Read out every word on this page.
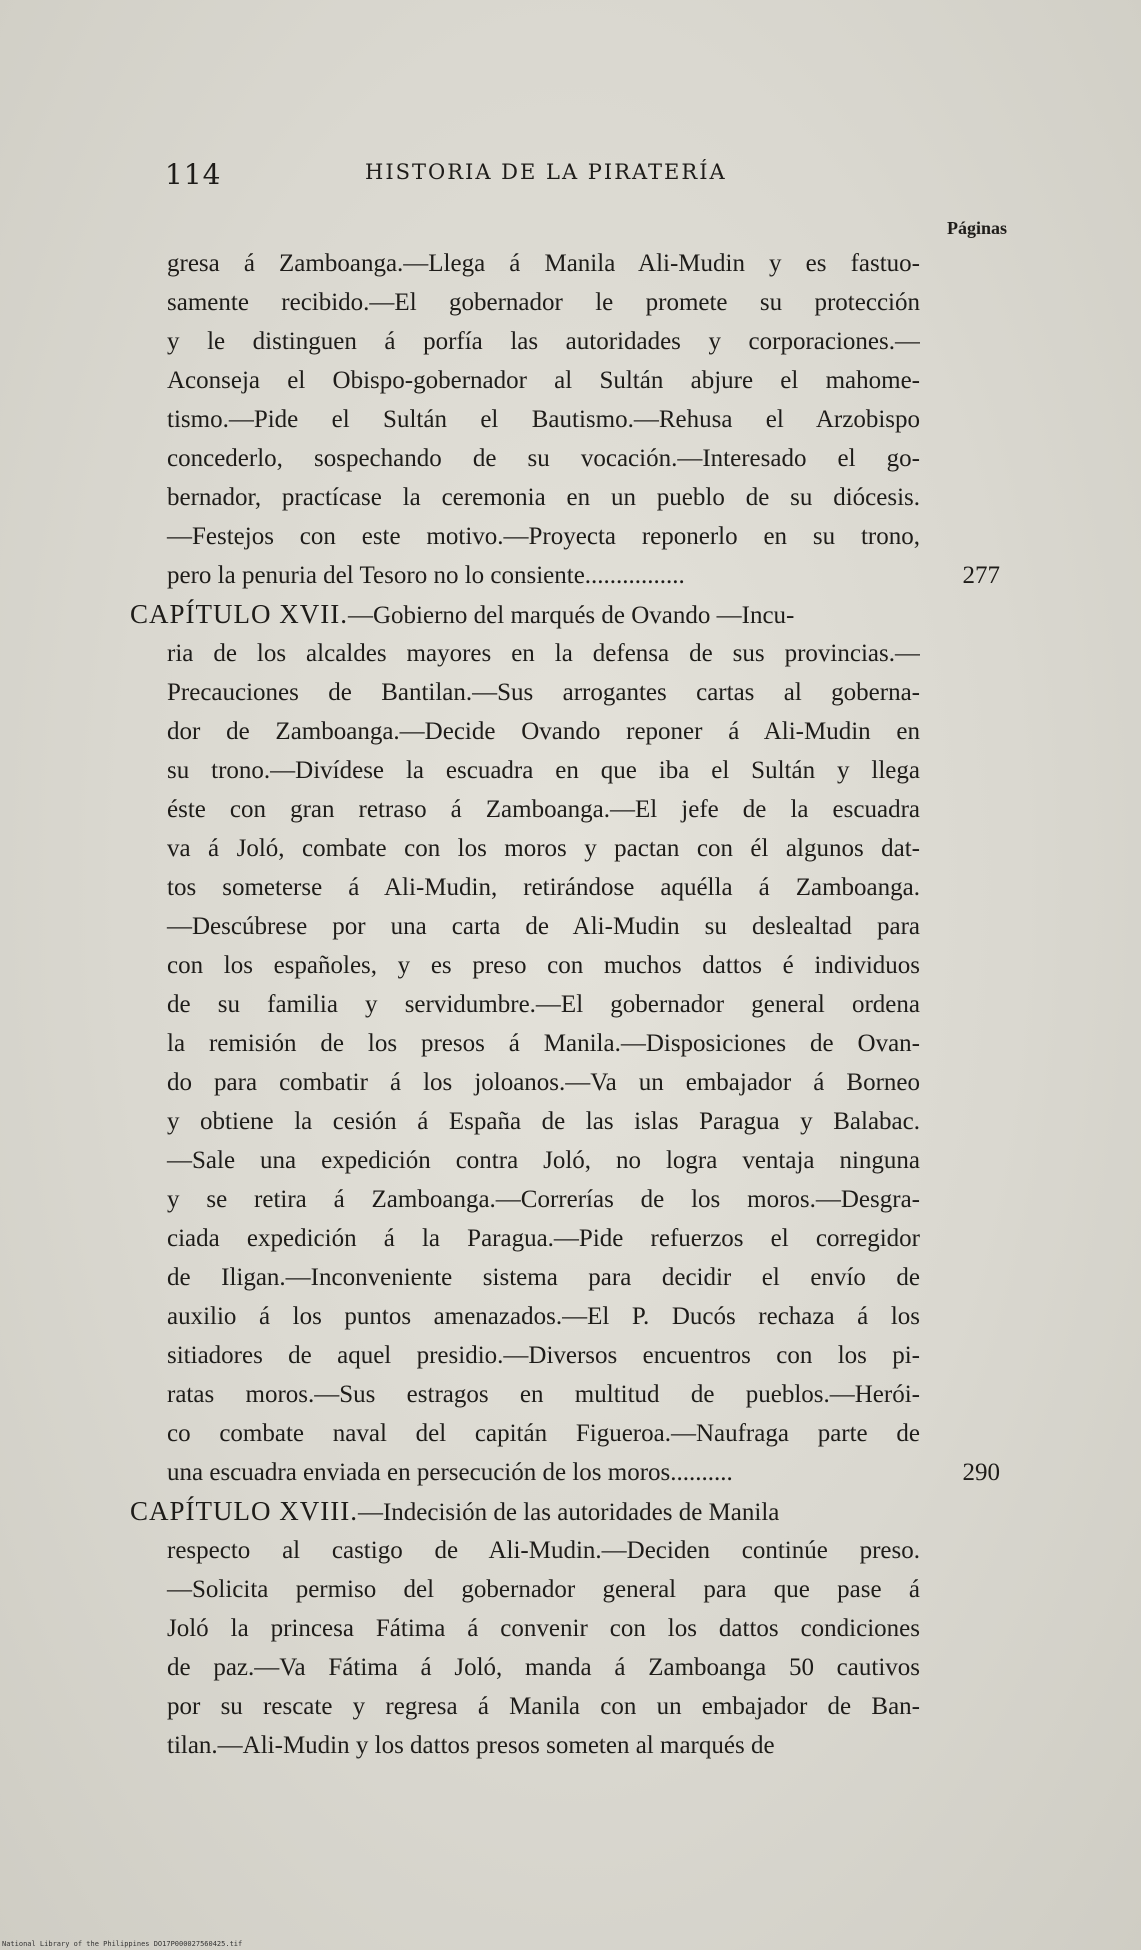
114	HISTORIA DE LA PIRATERÍA
Páginas
gresa á Zamboanga.—Llega á Manila Ali-Mudin y es fastuo-
samente recibido.—El gobernador le promete su protección
y le distinguen á porfía las autoridades y corporaciones.—
Aconseja el Obispo-gobernador al Sultán abjure el mahome-
tismo.—Pide el Sultán el Bautismo.—Rehusa el Arzobispo
concederlo, sospechando de su vocación.—Interesado el go-
bernador, practícase la ceremonia en un pueblo de su diócesis.
—Festejos con este motivo.—Proyecta reponerlo en su trono,
pero la penuria del Tesoro no lo consiente................	277
CAPÍTULO XVII.—Gobierno del marqués de Ovando —Incu-
ria de los alcaldes mayores en la defensa de sus provincias.—
Precauciones de Bantilan.—Sus arrogantes cartas al goberna-
dor de Zamboanga.—Decide Ovando reponer á Ali-Mudin en
su trono.—Divídese la escuadra en que iba el Sultán y llega
éste con gran retraso á Zamboanga.—El jefe de la escuadra
va á Joló, combate con los moros y pactan con él algunos dat-
tos someterse á Ali-Mudin, retirándose aquélla á Zamboanga.
—Descúbrese por una carta de Ali-Mudin su deslealtad para
con los españoles, y es preso con muchos dattos é individuos
de su familia y servidumbre.—El gobernador general ordena
la remisión de los presos á Manila.—Disposiciones de Ovan-
do para combatir á los joloanos.—Va un embajador á Borneo
y obtiene la cesión á España de las islas Paragua y Balabac.
—Sale una expedición contra Joló, no logra ventaja ninguna
y se retira á Zamboanga.—Correrías de los moros.—Desgra-
ciada expedición á la Paragua.—Pide refuerzos el corregidor
de Iligan.—Inconveniente sistema para decidir el envío de
auxilio á los puntos amenazados.—El P. Ducós rechaza á los
sitiadores de aquel presidio.—Diversos encuentros con los pi-
ratas moros.—Sus estragos en multitud de pueblos.—Herói-
co combate naval del capitán Figueroa.—Naufraga parte de
una escuadra enviada en persecución de los moros..........	290
CAPÍTULO XVIII.—Indecisión de las autoridades de Manila
respecto al castigo de Ali-Mudin.—Deciden continúe preso.
—Solicita permiso del gobernador general para que pase á
Joló la princesa Fátima á convenir con los dattos condiciones
de paz.—Va Fátima á Joló, manda á Zamboanga 50 cautivos
por su rescate y regresa á Manila con un embajador de Ban-
tilan.—Ali-Mudin y los dattos presos someten al marqués de
National Library of the Philippines DO17P000027560425.tif
